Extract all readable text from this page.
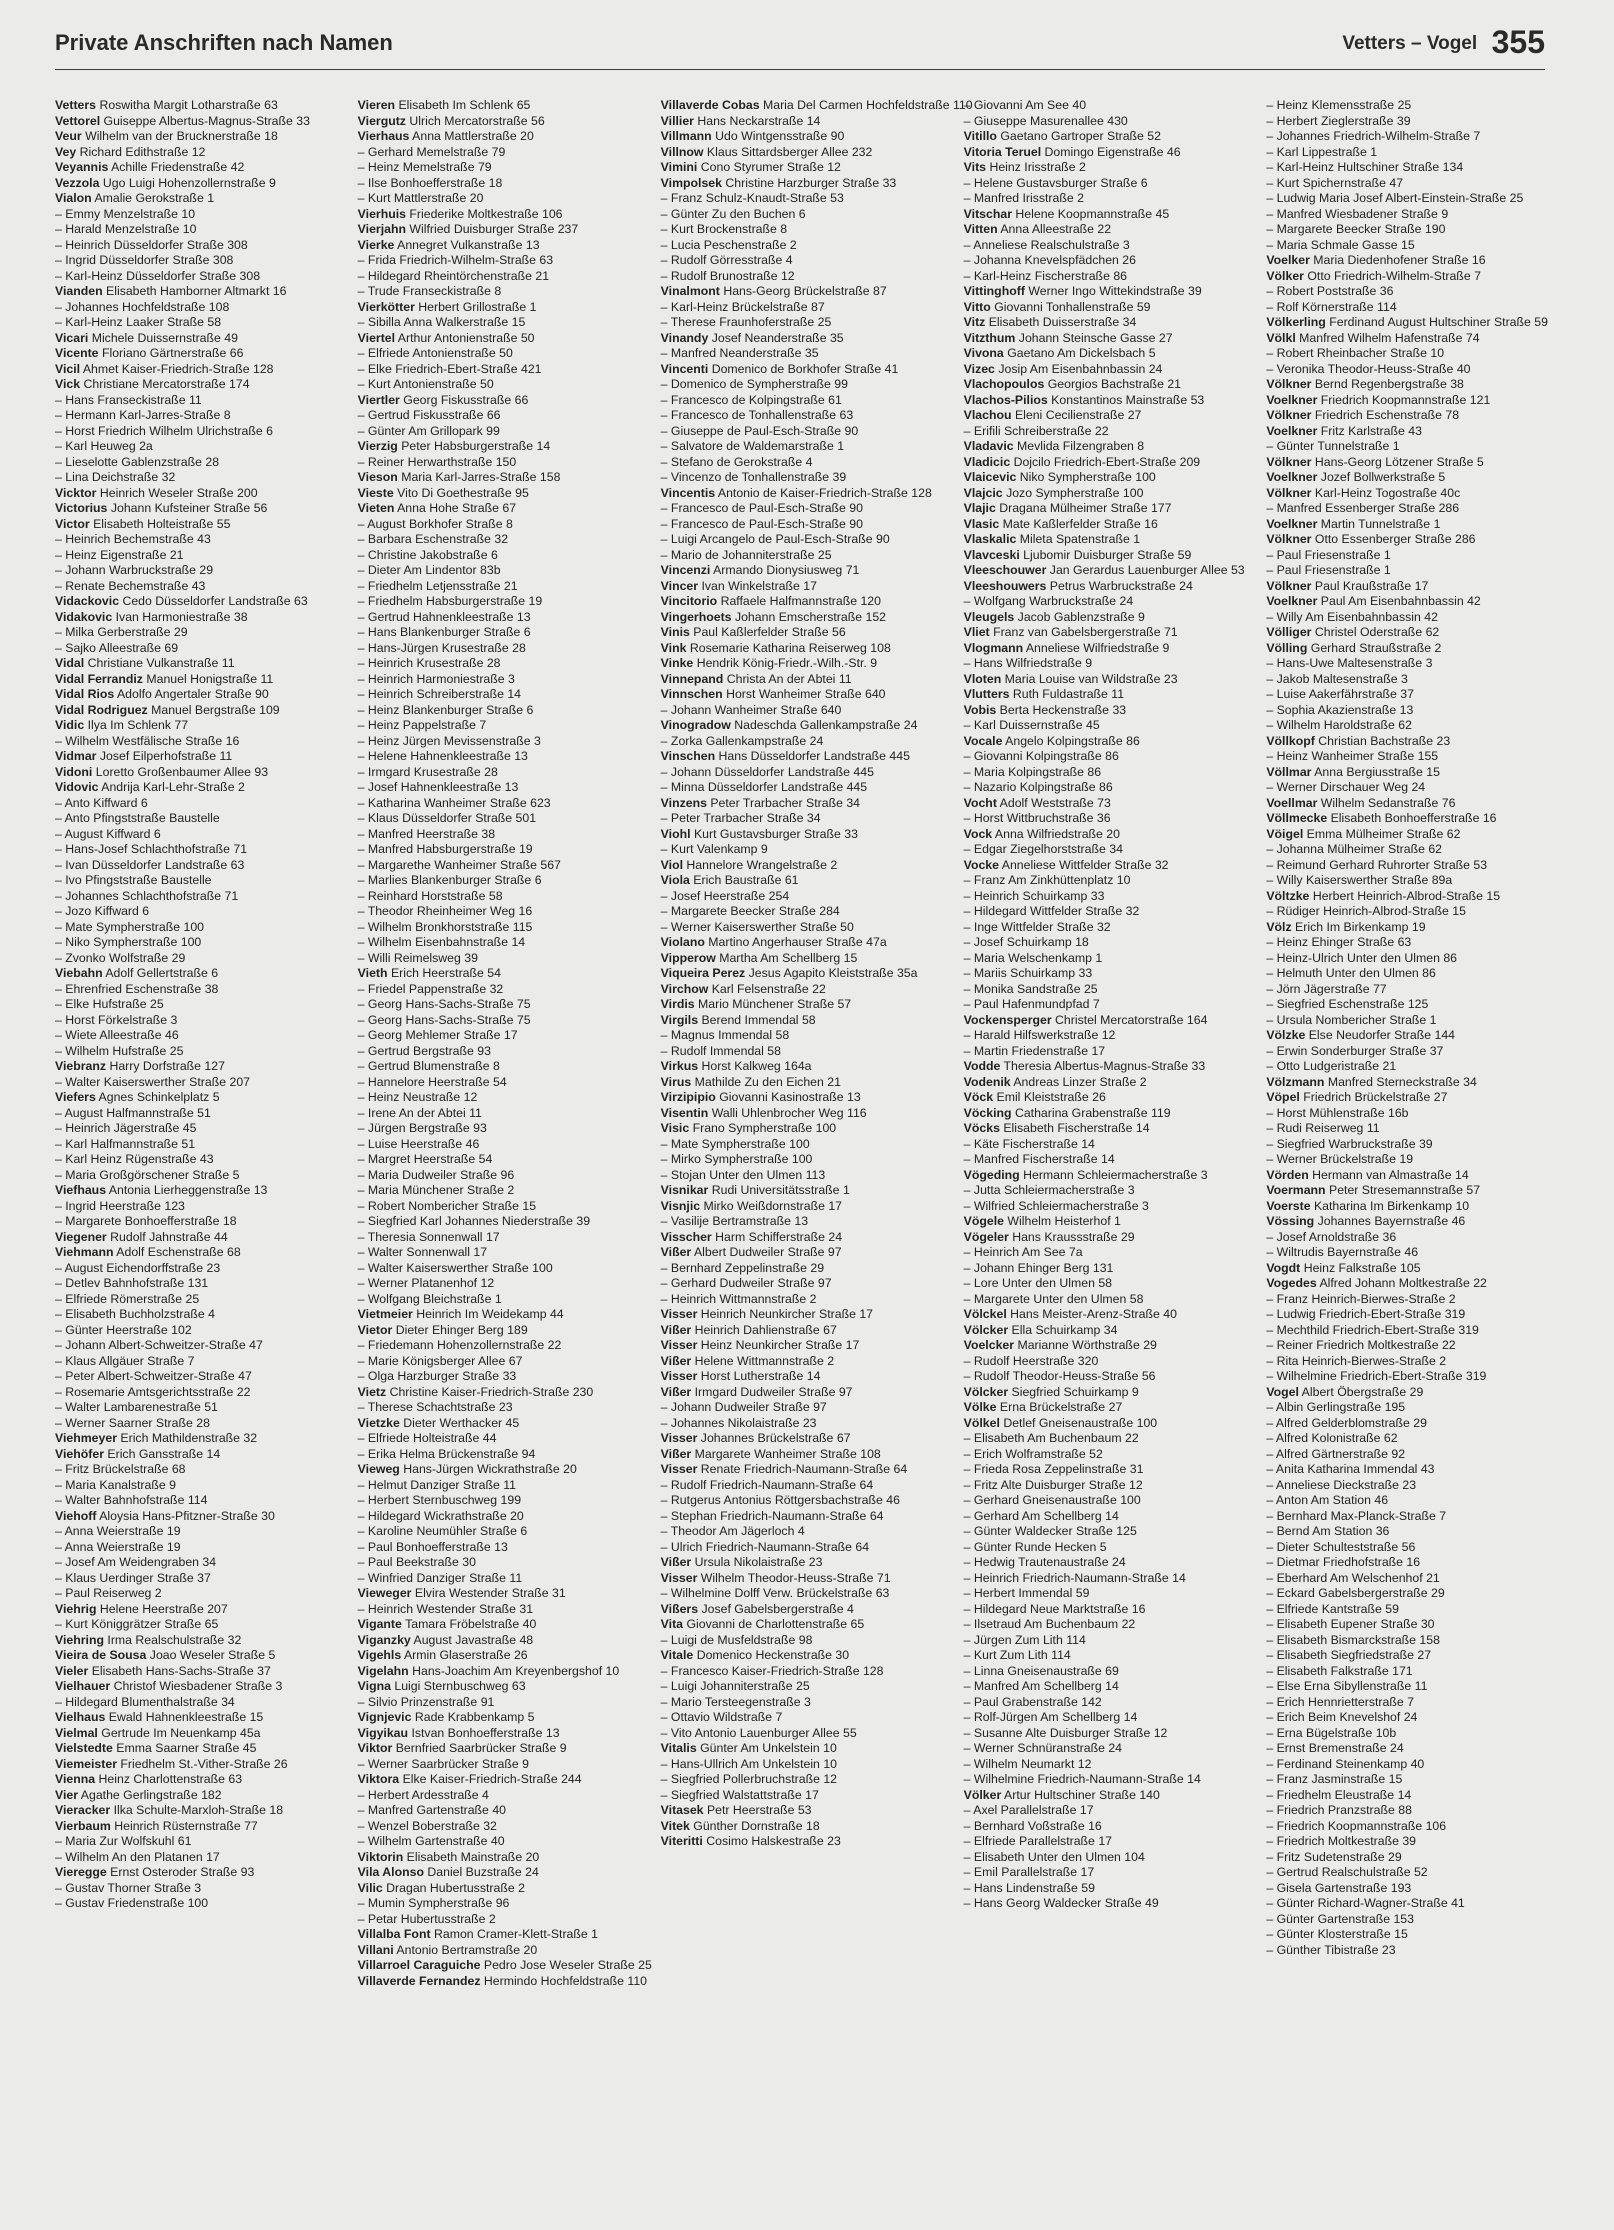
Private Anschriften nach Namen	Vetters – Vogel 355
Vetters Roswitha Margit Lotharstraße 63
Vettorel Guiseppe Albertus-Magnus-Straße 33
Veur Wilhelm van der Brucknerstraße 18
Vey Richard Edithstraße 12
Veyannis Achille Friedenstraße 42
Vezzola Ugo Luigi Hohenzollernstraße 9
Vialon Amalie Gerokstraße 1
– Emmy Menzelstraße 10
– Harald Menzelstraße 10
– Heinrich Düsseldorfer Straße 308
– Ingrid Düsseldorfer Straße 308
– Karl-Heinz Düsseldorfer Straße 308
Vianden Elisabeth Hamborner Altmarkt 16
– Johannes Hochfeldstraße 108
– Karl-Heinz Laaker Straße 58
Vicari Michele Duissernstraße 49
Vicente Floriano Gärtnerstraße 66
Vicil Ahmet Kaiser-Friedrich-Straße 128
Vick Christiane Mercatorstraße 174
– Hans Franseckistraße 11
– Hermann Karl-Jarres-Straße 8
– Horst Friedrich Wilhelm Ulrichstraße 6
– Karl Heuweg 2a
– Lieselotte Gablenzstraße 28
– Lina Deichstraße 32
Vicktor Heinrich Weseler Straße 200
Victorius Johann Kufsteiner Straße 56
Victor Elisabeth Holteistraße 55
– Heinrich Bechemstraße 43
– Heinz Eigenstraße 21
– Johann Warbruckstraße 29
– Renate Bechemstraße 43
Vidackovic Cedo Düsseldorfer Landstraße 63
Vidakovic Ivan Harmoniestraße 38
– Milka Gerberstraße 29
– Sajko Alleestraße 69
Vidal Christiane Vulkanstraße 11
Vidal Ferrandiz Manuel Honigstraße 11
Vidal Rios Adolfo Angertaler Straße 90
Vidal Rodriguez Manuel Bergstraße 109
Vidic Ilya Im Schlenk 77
– Wilhelm Westfälische Straße 16
Vidmar Josef Eilperhofstraße 11
Vidoni Loretto Großenbaumer Allee 93
Vidovic Andrija Karl-Lehr-Straße 2
– Anto Kiffward 6
– Anto Pfingststraße Baustelle
– August Kiffward 6
– Hans-Josef Schlachthofstraße 71
– Ivan Düsseldorfer Landstraße 63
– Ivo Pfingststraße Baustelle
– Johannes Schlachthofstraße 71
– Jozo Kiffward 6
– Mate Sympherstraße 100
– Niko Sympherstraße 100
– Zvonko Wolfstraße 29
Viebahn Adolf Gellertstraße 6
– Ehrenfried Eschenstraße 38
– Elke Hufstraße 25
– Horst Förkelstraße 3
– Wiete Alleestraße 46
– Wilhelm Hufstraße 25
Viebranz Harry Dorfstraße 127
– Walter Kaiserswerther Straße 207
Viefers Agnes Schinkelplatz 5
– August Halfmannstraße 51
– Heinrich Jägerstraße 45
– Karl Halfmannstraße 51
– Karl Heinz Rügenstraße 43
– Maria Großgörschener Straße 5
Viefhaus Antonia Lierheggenstraße 13
– Ingrid Heerstraße 123
– Margarete Bonhoefferstraße 18
Viegener Rudolf Jahnstraße 44
Viehmann Adolf Eschenstraße 68
– August Eichendorffstraße 23
– Detlev Bahnhofstraße 131
– Elfriede Römerstraße 25
– Elisabeth Buchholzstraße 4
– Günter Heerstraße 102
– Johann Albert-Schweitzer-Straße 47
– Klaus Allgäuer Straße 7
– Peter Albert-Schweitzer-Straße 47
– Rosemarie Amtsgerichtsstraße 22
– Walter Lambarenestraße 51
– Werner Saarner Straße 28
Viehmeyer Erich Mathildenstraße 32
Viehöfer Erich Gansstraße 14
– Fritz Brückelstraße 68
– Maria Kanalstraße 9
– Walter Bahnhofstraße 114
Viehoff Aloysia Hans-Pfitzner-Straße 30
– Anna Weierstraße 19
– Anna Weierstraße 19
– Josef Am Weidengraben 34
– Klaus Uerdinger Straße 37
– Paul Reiserweg 2
Viehrig Helene Heerstraße 207
– Kurt Königgrätzer Straße 65
Viehring Irma Realschulstraße 32
Vieira de Sousa Joao Weseler Straße 5
Vieler Elisabeth Hans-Sachs-Straße 37
Vielhauer Christof Wiesbadener Straße 3
– Hildegard Blumenthalstraße 34
Vielhaus Ewald Hahnenkleestraße 15
Vielmal Gertrude Im Neuenkamp 45a
Vielstedte Emma Saarner Straße 45
Viemeister Friedhelm St.-Vither-Straße 26
Vienna Heinz Charlottenstraße 63
Vier Agathe Gerlingstraße 182
Vieracker Ilka Schulte-Marxloh-Straße 18
Vierbaum Heinrich Rüsternstraße 77
– Maria Zur Wolfskuhl 61
– Wilhelm An den Platanen 17
Viereggе Ernst Osteroder Straße 93
– Gustav Thorner Straße 3
– Gustav Friedenstraße 100
Vieren Elisabeth Im Schlenk 65
Viergutz Ulrich Mercatorstraße 56
Vierhaus Anna Mattlerstraße 20
– Gerhard Memelstraße 79
– Heinz Memelstraße 79
– Ilse Bonhoefferstraße 18
– Kurt Mattlerstraße 20
Vierhuis Friederike Moltkestraße 106
Vierjahn Wilfried Duisburger Straße 237
Vierke Annegret Vulkanstraße 13
– Frida Friedrich-Wilhelm-Straße 63
– Hildegard Rheintörchenstraße 21
– Trude Franseckistraße 8
Vierkötter Herbert Grillostraße 1
– Sibilla Anna Walkerstraße 15
Viertel Arthur Antonienstraße 50
– Elfriede Antonienstraße 50
– Elke Friedrich-Ebert-Straße 421
– Kurt Antonienstraße 50
Viertler Georg Fiskusstraße 66
– Gertrud Fiskusstraße 66
– Günter Am Grillopark 99
Vierzig Peter Habsburgerstraße 14
– Reiner Herwarthstraße 150
Vieson Maria Karl-Jarres-Straße 158
Vieste Vito Di Goethestraße 95
Vieten Anna Hohe Straße 67
– August Borkhofer Straße 8
– Barbara Eschenstraße 32
– Christine Jakobstraße 6
– Dieter Am Lindentor 83b
– Friedhelm Letjensstraße 21
– Friedhelm Habsburgerstraße 19
– Gertrud Hahnenkleestraße 13
– Hans Blankenburger Straße 6
– Hans-Jürgen Krusestraße 28
– Heinrich Krusestraße 28
– Heinrich Harmoniestraße 3
– Heinrich Schreiberstraße 14
– Heinz Blankenburger Straße 6
– Heinz Pappelstraße 7
– Heinz Jürgen Mevissenstraße 3
– Helene Hahnenkleestraße 13
– Irmgard Krusestraße 28
– Josef Hahnenkleestraße 13
– Katharina Wanheimer Straße 623
– Klaus Düsseldorfer Straße 501
– Manfred Heerstraße 38
– Manfred Habsburgerstraße 19
– Margarethe Wanheimer Straße 567
– Marlies Blankenburger Straße 6
– Reinhard Horststraße 58
– Theodor Rheinheimer Weg 16
– Wilhelm Bronkhorststraße 115
– Wilhelm Eisenbahnstraße 14
– Willi Reimelsweg 39
Vieth Erich Heerstraße 54
– Friedel Pappenstraße 32
– Georg Hans-Sachs-Straße 75
– Georg Hans-Sachs-Straße 75
– Georg Mehlemer Straße 17
– Gertrud Bergstraße 93
– Gertrud Blumenstraße 8
– Hannelore Heerstraße 54
– Heinz Neustraße 12
– Irene An der Abtei 11
– Jürgen Bergstraße 93
– Luise Heerstraße 46
– Margret Heerstraße 54
– Maria Dudweiler Straße 96
– Maria Münchener Straße 2
– Robert Nombericher Straße 15
– Siegfried Karl Johannes Niederstraße 39
– Theresia Sonnenwall 17
– Walter Sonnenwall 17
– Walter Kaiserswerther Straße 100
– Werner Platanenhof 12
– Wolfgang Bleichstraße 1
Vietmeier Heinrich Im Weidekamp 44
Vietor Dieter Ehinger Berg 189
– Friedemann Hohenzollernstraße 22
– Marie Königsberger Allee 67
– Olga Harzburger Straße 33
Vietz Christine Kaiser-Friedrich-Straße 230
– Therese Schachtstraße 23
Vietzke Dieter Werthacker 45
– Elfriede Holteistraße 44
– Erika Helma Brückenstraße 94
Vieweg Hans-Jürgen Wickrathstraße 20
– Helmut Danziger Straße 11
– Herbert Sternbuschweg 199
– Hildegard Wickrathstraße 20
– Karoline Neumühler Straße 6
– Paul Bonhoefferstraße 13
– Paul Beekstraße 30
– Winfried Danziger Straße 11
Vieweger Elvira Westender Straße 31
– Heinrich Westender Straße 31
Vigante Tamara Fröbelstraße 40
Viganzky August Javastraße 48
Vigehls Armin Glaserstraße 26
Vigelahn Hans-Joachim Am Kreyenbergshof 10
Vigna Luigi Sternbuschweg 63
– Silvio Prinzenstraße 91
Vignjevic Rade Krabbenkamp 5
Vigyikau Istvan Bonhoefferstraße 13
Viktor Bernfried Saarbrücker Straße 9
– Werner Saarbrücker Straße 9
Viktora Elke Kaiser-Friedrich-Straße 244
– Herbert Ardesstraße 4
– Manfred Gartenstraße 40
– Wenzel Boberstraße 32
– Wilhelm Gartenstraße 40
Viktorin Elisabeth Mainstraße 20
Vila Alonso Daniel Buzstraße 24
Vilic Dragan Hubertusstraße 2
– Mumin Sympherstraße 96
– Petar Hubertusstraße 2
Villalba Font Ramon Cramer-Klett-Straße 1
Villani Antonio Bertramstraße 20
Villarroel Caraguiche Pedro Jose Weseler Straße 25
Villaverde Fernandez Hermindo Hochfeldstraße 110
Villaverde Cobas Maria Del Carmen Hochfeldstraße 110
Villier Hans Neckarstraße 14
Villmann Udo Wintgensstraße 90
Villnow Klaus Sittardsberger Allee 232
Vimini Cono Styrumer Straße 12
Vimpolsek Christine Harzburger Straße 33
– Franz Schulz-Knaudt-Straße 53
– Günter Zu den Buchen 6
– Kurt Brockenstraße 8
– Lucia Peschenstraße 2
– Rudolf Görresstraße 4
– Rudolf Brunostraße 12
Vinalmont Hans-Georg Brückelstraße 87
– Karl-Heinz Brückelstraße 87
– Therese Fraunhoferstraße 25
Vinandy Josef Neanderstraße 35
– Manfred Neanderstraße 35
Vincenti Domenico de Borkhofer Straße 41
– Domenico de Sympherstraße 99
– Francesco de Kolpingstraße 61
– Francesco de Tonhallenstraße 63
– Giuseppe de Paul-Esch-Straße 90
– Salvatore de Waldemarstraße 1
– Stefano de Gerokstraße 4
– Vincenzo de Tonhallenstraße 39
Vincentis Antonio de Kaiser-Friedrich-Straße 128
– Francesco de Paul-Esch-Straße 90
– Francesco de Paul-Esch-Straße 90
– Luigi Arcangelo de Paul-Esch-Straße 90
– Mario de Johanniterstraße 25
Vincenzi Armando Dionysiusweg 71
Vincer Ivan Winkelstraße 17
Vincitorio Raffaele Halfmannstraße 120
Vingerhoets Johann Emscherstraße 152
Vinis Paul Kaßlerfelder Straße 56
Vink Rosemarie Katharina Reiserweg 108
Vinke Hendrik König-Friedr.-Wilh.-Str. 9
Vinnepand Christa An der Abtei 11
Vinnschen Horst Wanheimer Straße 640
– Johann Wanheimer Straße 640
Vinogradow Nadeschda Gallenkampstraße 24
– Zorka Gallenkampstraße 24
Vinschen Hans Düsseldorfer Landstraße 445
– Johann Düsseldorfer Landstraße 445
– Minna Düsseldorfer Landstraße 445
Vinzens Peter Trarbacher Straße 34
– Peter Trarbacher Straße 34
Viohl Kurt Gustavsburger Straße 33
– Kurt Valenkamp 9
Viol Hannelore Wrangelstraße 2
Viola Erich Baustraße 61
– Josef Heerstraße 254
– Margarete Beecker Straße 284
– Werner Kaiserswerther Straße 50
Violano Martino Angerhauser Straße 47a
Vipperow Martha Am Schellberg 15
Viqueira Perez Jesus Agapito Kleiststraße 35a
Virchow Karl Felsenstraße 22
Virdis Mario Münchener Straße 57
Virgils Berend Immendal 58
– Magnus Immendal 58
– Rudolf Immendal 58
Virkus Horst Kalkweg 164a
Virus Mathilde Zu den Eichen 21
Virzipipio Giovanni Kasinostraße 13
Visentin Walli Uhlenbrocher Weg 116
Visic Frano Sympherstraße 100
– Mate Sympherstraße 100
– Mirko Sympherstraße 100
– Stojan Unter den Ulmen 113
Visnikar Rudi Universitätsstraße 1
Visnjic Mirko Weißdornstraße 17
– Vasilije Bertramstraße 13
Visscher Harm Schifferstraße 24
Vißer Albert Dudweiler Straße 97
– Bernhard Zeppelinstraße 29
– Gerhard Dudweiler Straße 97
– Heinrich Wittmannstraße 2
Visser Heinrich Neunkircher Straße 17
Vißer Heinrich Dahlienstraße 67
Visser Heinz Neunkircher Straße 17
Vißer Helene Wittmannstraße 2
Visser Horst Lutherstraße 14
Vißer Irmgard Dudweiler Straße 97
– Johann Dudweiler Straße 97
– Johannes Nikolaistraße 23
Visser Johannes Brückelstraße 67
Vißer Margarete Wanheimer Straße 108
Visser Renate Friedrich-Naumann-Straße 64
– Rudolf Friedrich-Naumann-Straße 64
– Rutgerus Antonius Röttgersbachstraße 46
– Stephan Friedrich-Naumann-Straße 64
– Theodor Am Jägerloch 4
– Ulrich Friedrich-Naumann-Straße 64
Vißer Ursula Nikolaistraße 23
Visser Wilhelm Theodor-Heuss-Straße 71
– Wilhelmine Dolff Verw. Brückelstraße 63
Vißers Josef Gabelsbergerstraße 4
Vita Giovanni de Charlottenstraße 65
– Luigi de Musfeldstraße 98
Vitale Domenico Heckenstraße 30
– Francesco Kaiser-Friedrich-Straße 128
– Luigi Johanniterstraße 25
– Mario Tersteegenstraße 3
– Ottavio Wildstraße 7
– Vito Antonio Lauenburger Allee 55
Vitalis Günter Am Unkelstein 10
– Hans-Ullrich Am Unkelstein 10
– Siegfried Pollerbruchstraße 12
– Siegfried Walstattstraße 17
Vitasek Petr Heerstraße 53
Vitek Günther Dornstraße 18
Viteritti Cosimo Halskestraße 23
– Giovanni Am See 40
– Giuseppe Masurenallee 430
Vitillo Gaetano Gartroper Straße 52
Vitoria Teruel Domingo Eigenstraße 46
Vits Heinz Irisstraße 2
– Helene Gustavsburger Straße 6
– Manfred Irisstraße 2
Vitschar Helene Koopmannstraße 45
Vitten Anna Alleestraße 22
– Anneliese Realschulstraße 3
– Johanna Knevelspfädchen 26
– Karl-Heinz Fischerstraße 86
Vittinghoff Werner Ingo Wittekindstraße 39
Vitto Giovanni Tonhallenstraße 59
Vitz Elisabeth Duisserstraße 34
Vitzthum Johann Steinsche Gasse 27
Vivona Gaetano Am Dickelsbach 5
Vizec Josip Am Eisenbahnbassin 24
Vlachopoulos Georgios Bachstraße 21
Vlachos-Pilios Konstantinos Mainstraße 53
Vlachou Eleni Cecilienstraße 27
– Erifili Schreiberstraße 22
Vladavic Mevlida Filzengraben 8
Vladicic Dojcilo Friedrich-Ebert-Straße 209
Vlaicevic Niko Sympherstraße 100
Vlajcic Jozo Sympherstraße 100
Vlajic Dragana Mülheimer Straße 177
Vlasic Mate Kaßlerfelder Straße 16
Vlaskalic Mileta Spatenstraße 1
Vlavceski Ljubomir Duisburger Straße 59
Vleeschouwer Jan Gerardus Lauenburger Allee 53
Vleeshouwers Petrus Warbruckstraße 24
– Wolfgang Warbruckstraße 24
Vleugels Jacob Gablenzstraße 9
Vliet Franz van Gabelsbergerstraße 71
Vlogmann Anneliese Wilfriedstraße 9
– Hans Wilfriedstraße 9
Vloten Maria Louise van Wildstraße 23
Vlutters Ruth Fuldastraße 11
Vobis Berta Heckenstraße 33
– Karl Duissernstraße 45
Vocale Angelo Kolpingstraße 86
– Giovanni Kolpingstraße 86
– Maria Kolpingstraße 86
– Nazario Kolpingstraße 86
Vocht Adolf Weststraße 73
– Horst Wittbruchstraße 36
Vock Anna Wilfriedstraße 20
– Edgar Ziegelhorststraße 34
Vocke Anneliese Wittfelder Straße 32
– Franz Am Zinkhüttenplatz 10
– Heinrich Schuirkamp 33
– Hildegard Wittfelder Straße 32
– Inge Wittfelder Straße 32
– Josef Schuirkamp 18
– Maria Welschenkamp 1
– Mariis Schuirkamp 33
– Monika Sandstraße 25
– Paul Hafenmundpfad 7
Vockensperger Christel Mercatorstraße 164
– Harald Hilfswerkstraße 12
– Martin Friedenstraße 17
Vodde Theresia Albertus-Magnus-Straße 33
Vodenik Andreas Linzer Straße 2
Vöck Emil Kleiststraße 26
Vöcking Catharina Grabenstraße 119
Vöcks Elisabeth Fischerstraße 14
– Käte Fischerstraße 14
– Manfred Fischerstraße 14
Vögeding Hermann Schleiermacherstraße 3
– Jutta Schleiermacherstraße 3
– Wilfried Schleiermacherstraße 3
Vögele Wilhelm Heisterhof 1
Vögeler Hans Kraussstraße 29
– Heinrich Am See 7a
– Johann Ehinger Berg 131
– Lore Unter den Ulmen 58
– Margarete Unter den Ulmen 58
Völckel Hans Meister-Arenz-Straße 40
Völcker Ella Schuirkamp 34
Voelcker Marianne Wörthstraße 29
– Rudolf Heerstraße 320
– Rudolf Theodor-Heuss-Straße 56
Völcker Siegfried Schuirkamp 9
Völke Erna Brückelstraße 27
Völkel Detlef Gneisenaustraße 100
– Elisabeth Am Buchenbaum 22
– Erich Wolframstraße 52
– Frieda Rosa Zeppelinstraße 31
– Fritz Alte Duisburger Straße 12
– Gerhard Gneisenaustraße 100
– Gerhard Am Schellberg 14
– Günter Waldecker Straße 125
– Günter Runde Hecken 5
– Hedwig Trautenaustraße 24
– Heinrich Friedrich-Naumann-Straße 14
– Herbert Immendal 59
– Hildegard Neue Marktstraße 16
– Ilsetraud Am Buchenbaum 22
– Jürgen Zum Lith 114
– Kurt Zum Lith 114
– Linna Gneisenaustraße 69
– Manfred Am Schellberg 14
– Paul Grabenstraße 142
– Rolf-Jürgen Am Schellberg 14
– Susanne Alte Duisburger Straße 12
– Werner Schnüranstraße 24
– Wilhelm Neumarkt 12
– Wilhelmine Friedrich-Naumann-Straße 14
Völker Artur Hultschiner Straße 140
– Axel Parallelstraße 17
– Bernhard Voßstraße 16
– Elfriede Parallelstraße 17
– Elisabeth Unter den Ulmen 104
– Emil Parallelstraße 17
– Hans Lindenstraße 59
– Hans Georg Waldecker Straße 49
– Heinz Klemensstraße 25
– Herbert Zieglerstraße 39
– Johannes Friedrich-Wilhelm-Straße 7
– Karl Lippestraße 1
– Karl-Heinz Hultschiner Straße 134
– Kurt Spichernstraße 47
– Ludwig Maria Josef Albert-Einstein-Straße 25
– Manfred Wiesbadener Straße 9
– Margarete Beecker Straße 190
– Maria Schmale Gasse 15
Voelker Maria Diedenhofener Straße 16
Völker Otto Friedrich-Wilhelm-Straße 7
– Robert Poststraße 36
– Rolf Körnerstraße 114
Völkerling Ferdinand August Hultschiner Straße 59
Völkl Manfred Wilhelm Hafenstraße 74
– Robert Rheinbacher Straße 10
– Veronika Theodor-Heuss-Straße 40
Völkner Bernd Regenbergstraße 38
Voelkner Friedrich Koopmannstraße 121
Völkner Friedrich Eschenstraße 78
Voelkner Fritz Karlstraße 43
– Günter Tunnelstraße 1
Völkner Hans-Georg Lötzener Straße 5
Voelkner Jozef Bollwerkstraße 5
Völkner Karl-Heinz Togostraße 40c
– Manfred Essenberger Straße 286
Voelkner Martin Tunnelstraße 1
Völkner Otto Essenberger Straße 286
– Paul Friesenstraße 1
– Paul Friesenstraße 1
Völkner Paul Kraußstraße 17
Voelkner Paul Am Eisenbahnbassin 42
– Willy Am Eisenbahnbassin 42
Völliger Christel Oderstraße 62
Völling Gerhard Straußstraße 2
– Hans-Uwe Maltesenstraße 3
– Jakob Maltesenstraße 3
– Luise Aakerfährstraße 37
– Sophia Akazienstraße 13
– Wilhelm Haroldstraße 62
Völlkopf Christian Bachstraße 23
– Heinz Wanheimer Straße 155
Völlmar Anna Bergiusstraße 15
– Werner Dirschauer Weg 24
Voellmar Wilhelm Sedanstraße 76
Völlmecke Elisabeth Bonhoefferstraße 16
Vöigel Emma Mülheimer Straße 62
– Johanna Mülheimer Straße 62
– Reimund Gerhard Ruhrorter Straße 53
– Willy Kaiserswerther Straße 89a
Völtzke Herbert Heinrich-Albrod-Straße 15
– Rüdiger Heinrich-Albrod-Straße 15
Völz Erich Im Birkenkamp 19
– Heinz Ehinger Straße 63
– Heinz-Ulrich Unter den Ulmen 86
– Helmuth Unter den Ulmen 86
– Jörn Jägerstraße 77
– Siegfried Eschenstraße 125
– Ursula Nombericher Straße 1
Völzke Else Neudorfer Straße 144
– Erwin Sonderburger Straße 37
– Otto Ludgeristraße 21
Völzmann Manfred Sterneckstraße 34
Vöpel Friedrich Brückelstraße 27
– Horst Mühlenstraße 16b
– Rudi Reiserweg 11
– Siegfried Warbruckstraße 39
– Werner Brückelstraße 19
Vörden Hermann van Almastraße 14
Voermann Peter Stresemannstraße 57
Voerste Katharina Im Birkenkamp 10
Vössing Johannes Bayernstraße 46
– Josef Arnoldstraße 36
– Wiltrudis Bayernstraße 46
Vogdt Heinz Falkstraße 105
Vogedes Alfred Johann Moltkestraße 22
– Franz Heinrich-Bierwes-Straße 2
– Ludwig Friedrich-Ebert-Straße 319
– Mechthild Friedrich-Ebert-Straße 319
– Reiner Friedrich Moltkestraße 22
– Rita Heinrich-Bierwes-Straße 2
– Wilhelmine Friedrich-Ebert-Straße 319
Vogel Albert Öbergstraße 29
– Albin Gerlingstraße 195
– Alfred Gelderblomstraße 29
– Alfred Kolonistraße 62
– Alfred Gärtnerstraße 92
– Anita Katharina Immendal 43
– Anneliese Dieckstraße 23
– Anton Am Station 46
– Bernhard Max-Planck-Straße 7
– Bernd Am Station 36
– Dieter Schulteststraße 56
– Dietmar Friedhofstraße 16
– Eberhard Am Welschenhof 21
– Eckard Gabelsbergerstraße 29
– Elfriede Kantstraße 59
– Elisabeth Eupener Straße 30
– Elisabeth Bismarckstraße 158
– Elisabeth Siegfriedstraße 27
– Elisabeth Falkstraße 171
– Else Erna Sibyllenstraße 11
– Erich Hennrietterstraße 7
– Erich Beim Knevelshof 24
– Erna Bügelstraße 10b
– Ernst Bremenstraße 24
– Ferdinand Steinenkamp 40
– Franz Jasminstraße 15
– Friedhelm Eleustraße 14
– Friedrich Pranzstraße 88
– Friedrich Koopmannstraße 106
– Friedrich Moltkestraße 39
– Fritz Sudetenstraße 29
– Gertrud Realschulstraße 52
– Gisela Gartenstraße 193
– Günter Richard-Wagner-Straße 41
– Günter Gartenstraße 153
– Günter Klosterstraße 15
– Günther Tibistraße 23
